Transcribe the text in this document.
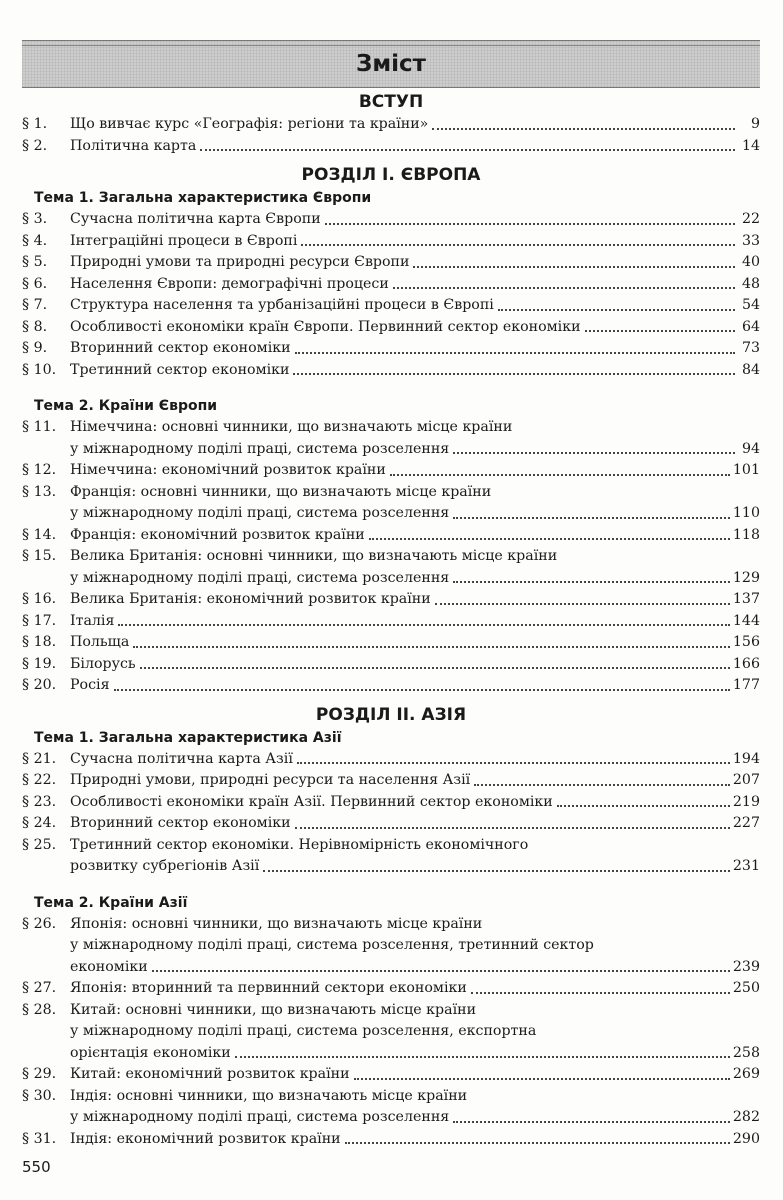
Зміст
ВСТУП
§ 1.	Що вивчає курс «Географія: регіони та країни»	9
§ 2.	Політична карта	14
РОЗДІЛ І. ЄВРОПА
Тема 1. Загальна характеристика Європи
§ 3.	Сучасна політична карта Європи	22
§ 4.	Інтеграційні процеси в Європі	33
§ 5.	Природні умови та природні ресурси Європи	40
§ 6.	Населення Європи: демографічні процеси	48
§ 7.	Структура населення та урбанізаційні процеси в Європі	54
§ 8.	Особливості економіки країн Європи. Первинний сектор економіки	64
§ 9.	Вторинний сектор економіки	73
§ 10. Третинний сектор економіки	84
Тема 2. Країни Європи
§ 11. Німеччина: основні чинники, що визначають місце країни
у міжнародному поділі праці, система розселення	94
§ 12. Німеччина: економічний розвиток країни	101
§ 13. Франція: основні чинники, що визначають місце країни
у міжнародному поділі праці, система розселення	110
§ 14. Франція: економічний розвиток країни	118
§ 15. Велика Британія: основні чинники, що визначають місце країни
у міжнародному поділі праці, система розселення	129
§ 16. Велика Британія: економічний розвиток країни	137
§ 17. Італія	144
§ 18. Польща	156
§ 19. Білорусь	166
§ 20. Росія	177
РОЗДІЛ ІІ. АЗІЯ
Тема 1. Загальна характеристика Азії
§ 21. Сучасна політична карта Азії	194
§ 22. Природні умови, природні ресурси та населення Азії	207
§ 23. Особливості економіки країн Азії. Первинний сектор економіки	219
§ 24. Вторинний сектор економіки	227
§ 25. Третинний сектор економіки. Нерівномірність економічного
розвитку субрегіонів Азії	231
Тема 2. Країни Азії
§ 26. Японія: основні чинники, що визначають місце країни
у міжнародному поділі праці, система розселення, третинний сектор
економіки	239
§ 27. Японія: вторинний та первинний сектори економіки	250
§ 28. Китай: основні чинники, що визначають місце країни
у міжнародному поділі праці, система розселення, експортна
орієнтація економіки	258
§ 29. Китай: економічний розвиток країни	269
§ 30. Індія: основні чинники, що визначають місце країни
у міжнародному поділі праці, система розселення	282
§ 31. Індія: економічний розвиток країни	290
550
